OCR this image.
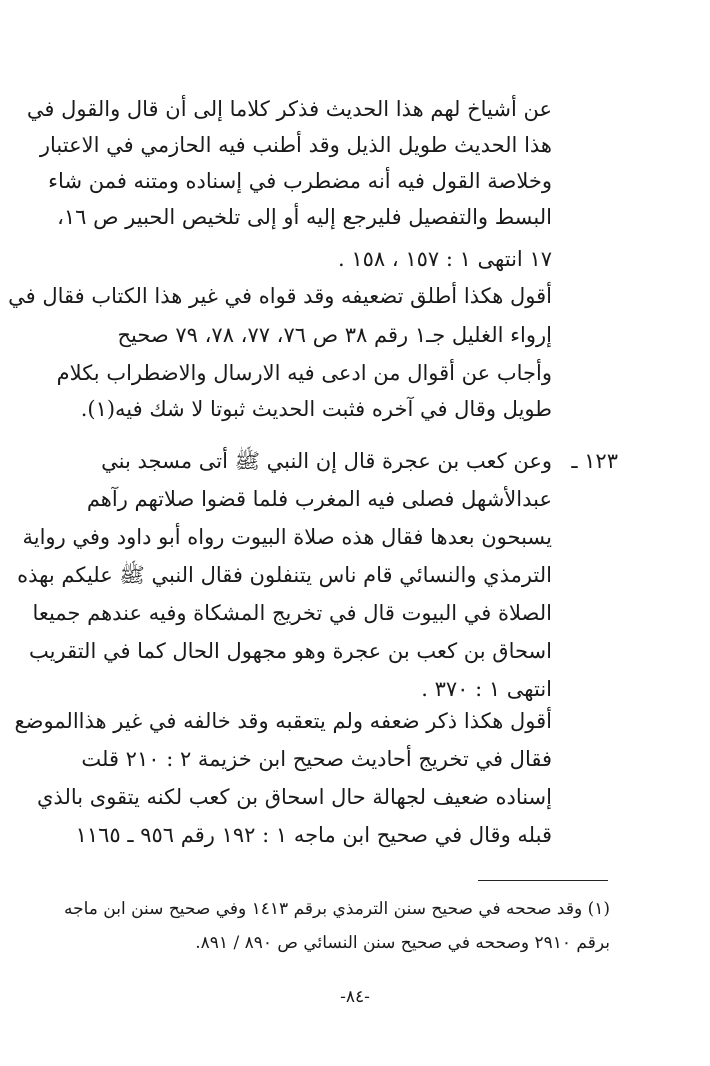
عن أشياخ لهم هذا الحديث فذكر كلاما إلى أن قال والقول في
هذا الحديث طويل الذيل وقد أطنب فيه الحازمي في الاعتبار
وخلاصة القول فيه أنه مضطرب في إسناده ومتنه فمن شاء
البسط والتفصيل فليرجع إليه أو إلى تلخيص الحبير ص ١٦،
١٧ انتهى ١ : ١٥٧ ، ١٥٨ .
أقول هكذا أطلق تضعيفه وقد قواه في غير هذا الكتاب فقال في
إرواء الغليل جـ١ رقم ٣٨ ص ٧٦، ٧٧، ٧٨، ٧٩ صحيح
وأجاب عن أقوال من ادعى فيه الارسال والاضطراب بكلام
طويل وقال في آخره فثبت الحديث ثبوتا لا شك فيه(١).
١٢٣ ـ
وعن كعب بن عجرة قال إن النبي ﷺ أتى مسجد بني
عبدالأشهل فصلى فيه المغرب فلما قضوا صلاتهم رآهم
يسبحون بعدها فقال هذه صلاة البيوت رواه أبو داود وفي رواية
الترمذي والنسائي قام ناس يتنفلون فقال النبي ﷺ عليكم بهذه
الصلاة في البيوت قال في تخريج المشكاة وفيه عندهم جميعا
اسحاق بن كعب بن عجرة وهو مجهول الحال كما في التقريب
انتهى ١ : ٣٧٠ .
أقول هكذا ذكر ضعفه ولم يتعقبه وقد خالفه في غير هذاالموضع
فقال في تخريج أحاديث صحيح ابن خزيمة ٢ : ٢١٠ قلت
إسناده ضعيف لجهالة حال اسحاق بن كعب لكنه يتقوى بالذي
قبله وقال في صحيح ابن ماجه ١ : ١٩٢ رقم ٩٥٦ ـ ١١٦٥
(١) وقد صححه في صحيح سنن الترمذي برقم ١٤١٣ وفي صحيح سنن ابن ماجه
برقم ٢٩١٠ وصححه في صحيح سنن النسائي ص ٨٩٠ / ٨٩١.
-٨٤-
